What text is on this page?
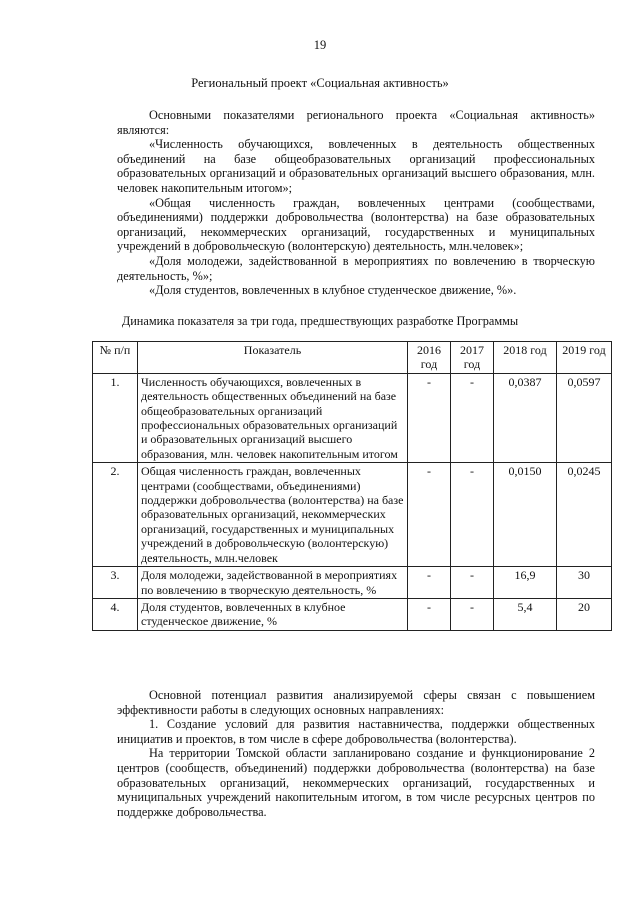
19
Региональный проект «Социальная активность»

Основными показателями регионального проекта «Социальная активность» являются:

«Численность обучающихся, вовлеченных в деятельность общественных объединений на базе общеобразовательных организаций профессиональных образовательных организаций и образовательных организаций высшего образования, млн. человек накопительным итогом»;

«Общая численность граждан, вовлеченных центрами (сообществами, объединениями) поддержки добровольчества (волонтерства) на базе образовательных организаций, некоммерческих организаций, государственных и муниципальных учреждений в добровольческую (волонтерскую) деятельность, млн.человек»;

«Доля молодежи, задействованной в мероприятиях по вовлечению в творческую деятельность, %»;

«Доля студентов, вовлеченных в клубное студенческое движение, %».

Динамика показателя за три года, предшествующих разработке Программы
№ п/п	Показатель	2016 год	2017 год	2018 год	2019 год
1.	Численность обучающихся, вовлеченных в деятельность общественных объединений на базе общеобразовательных организаций профессиональных образовательных организаций и образовательных организаций высшего образования, млн. человек накопительным итогом	-	-	0,0387	0,0597
2.	Общая численность граждан, вовлеченных центрами (сообществами, объединениями) поддержки добровольчества (волонтерства) на базе образовательных организаций, некоммерческих организаций, государственных и муниципальных учреждений в добровольческую (волонтерскую) деятельность, млн.человек	-	-	0,0150	0,0245
3.	Доля молодежи, задействованной в мероприятиях по вовлечению в творческую деятельность, %	-	-	16,9	30
4.	Доля студентов, вовлеченных в клубное студенческое движение, %	-	-	5,4	20

Основной потенциал развития анализируемой сферы связан с повышением эффективности работы в следующих основных направлениях:

1. Создание условий для развития наставничества, поддержки общественных инициатив и проектов, в том числе в сфере добровольчества (волонтерства).

На территории Томской области запланировано создание и функционирование 2 центров (сообществ, объединений) поддержки добровольчества (волонтерства) на базе образовательных организаций, некоммерческих организаций, государственных и муниципальных учреждений накопительным итогом, в том числе ресурсных центров по поддержке добровольчества.
